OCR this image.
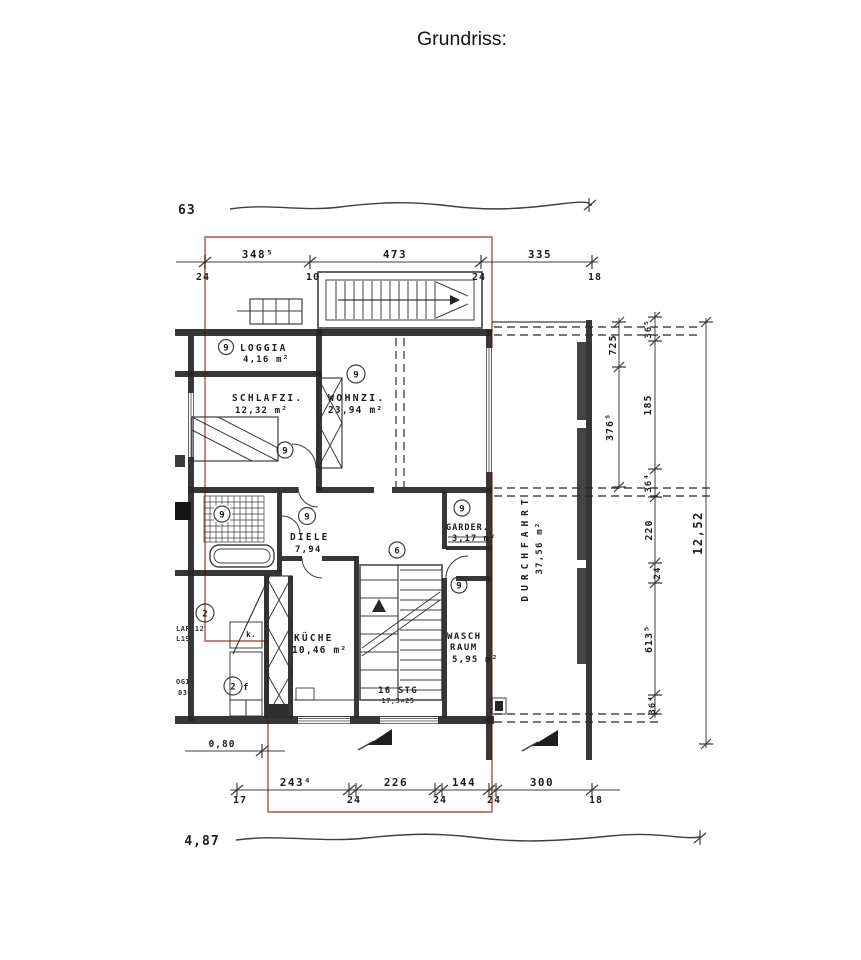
Grundriss:
63
348⁵	473	335
24	10	24	18
16 STG
17,5×25
DURCHFAHRT 37,56 m²
9 LOGGIA
4,16 m²
SCHLAFZI.
12,32 m²
9
9
WOHNZI.
23,94 m²
9	9
DIELE
7,94
9
GARDER.
3,17 m²
6
9
KÜCHE
10,46 m²
WASCH
RAUM
5,95 m²
2
2
LAF.12
L19
OGIA
030
k.
f
0,80
243⁴	226	144	300
17	24	24	24	18
4,87
725
376⁵
36⁵
185
36⁴
220
24
613⁵
36⁴
12,52
